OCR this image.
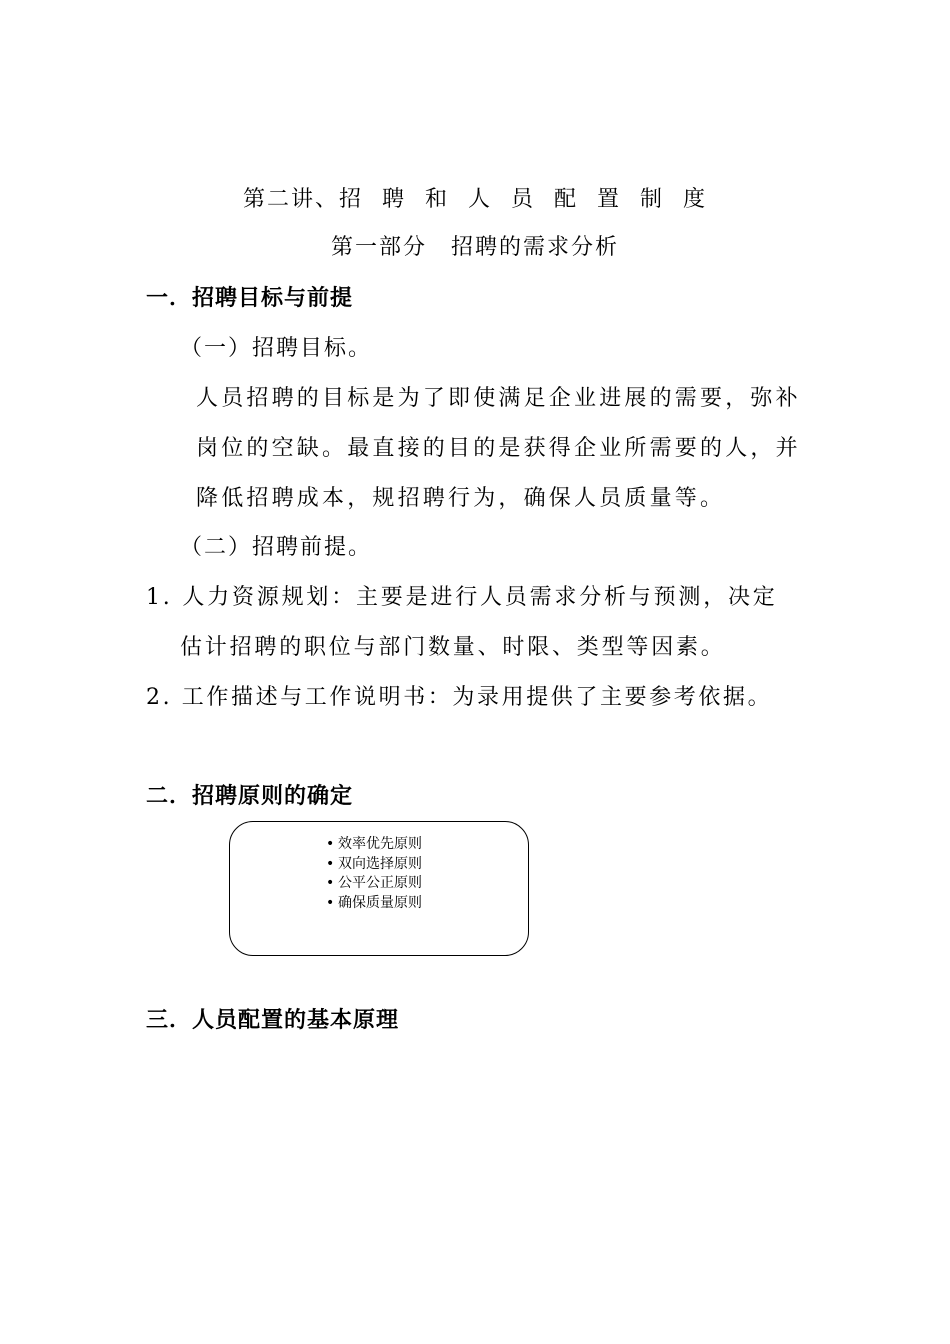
第二讲、招 聘 和 人 员 配 置 制 度
第一部分　招聘的需求分析
一．招聘目标与前提
（一）招聘目标。
人员招聘的目标是为了即使满足企业进展的需要，弥补
岗位的空缺。最直接的目的是获得企业所需要的人，并
降低招聘成本，规招聘行为，确保人员质量等。
（二）招聘前提。
1. 人力资源规划：主要是进行人员需求分析与预测，决定
估计招聘的职位与部门数量、时限、类型等因素。
2. 工作描述与工作说明书：为录用提供了主要参考依据。
二．招聘原则的确定
• 效率优先原则
• 双向选择原则
• 公平公正原则
• 确保质量原则
三．人员配置的基本原理
